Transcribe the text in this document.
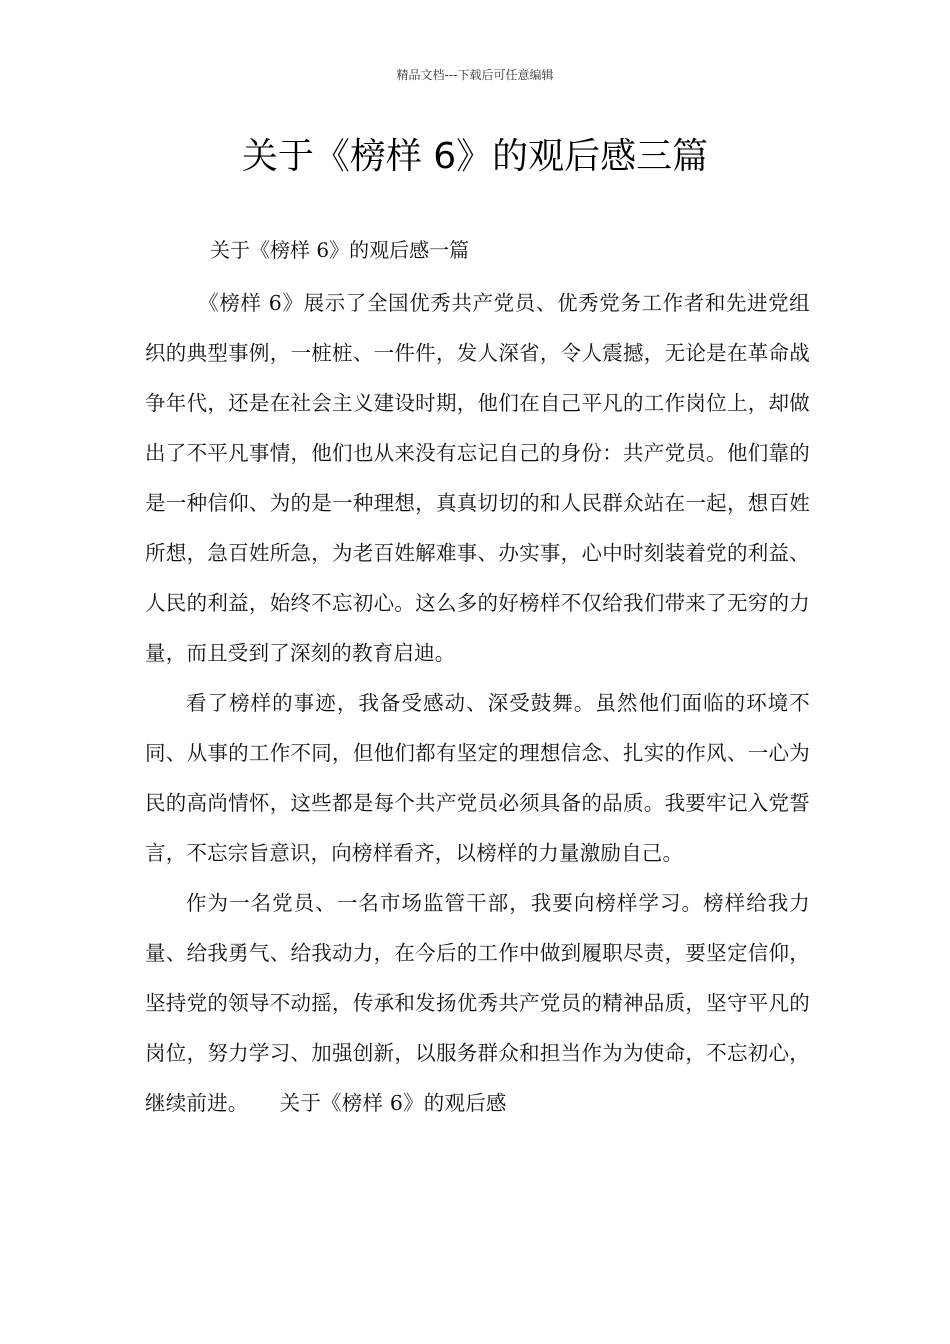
精品文档---下载后可任意编辑
关于《榜样 6》的观后感三篇
关于《榜样 6》的观后感一篇

《榜样 6》展示了全国优秀共产党员、优秀党务工作者和先进党组织的典型事例，一桩桩、一件件，发人深省，令人震撼，无论是在革命战争年代，还是在社会主义建设时期，他们在自己平凡的工作岗位上，却做出了不平凡事情，他们也从来没有忘记自己的身份：共产党员。他们靠的是一种信仰、为的是一种理想，真真切切的和人民群众站在一起，想百姓所想，急百姓所急，为老百姓解难事、办实事，心中时刻装着党的利益、人民的利益，始终不忘初心。这么多的好榜样不仅给我们带来了无穷的力量，而且受到了深刻的教育启迪。

看了榜样的事迹，我备受感动、深受鼓舞。虽然他们面临的环境不同、从事的工作不同，但他们都有坚定的理想信念、扎实的作风、一心为民的高尚情怀，这些都是每个共产党员必须具备的品质。我要牢记入党誓言，不忘宗旨意识，向榜样看齐，以榜样的力量激励自己。

作为一名党员、一名市场监管干部，我要向榜样学习。榜样给我力量、给我勇气、给我动力，在今后的工作中做到履职尽责，要坚定信仰，坚持党的领导不动摇，传承和发扬优秀共产党员的精神品质，坚守平凡的岗位，努力学习、加强创新，以服务群众和担当作为为使命，不忘初心，继续前进。　　关于《榜样 6》的观后感
